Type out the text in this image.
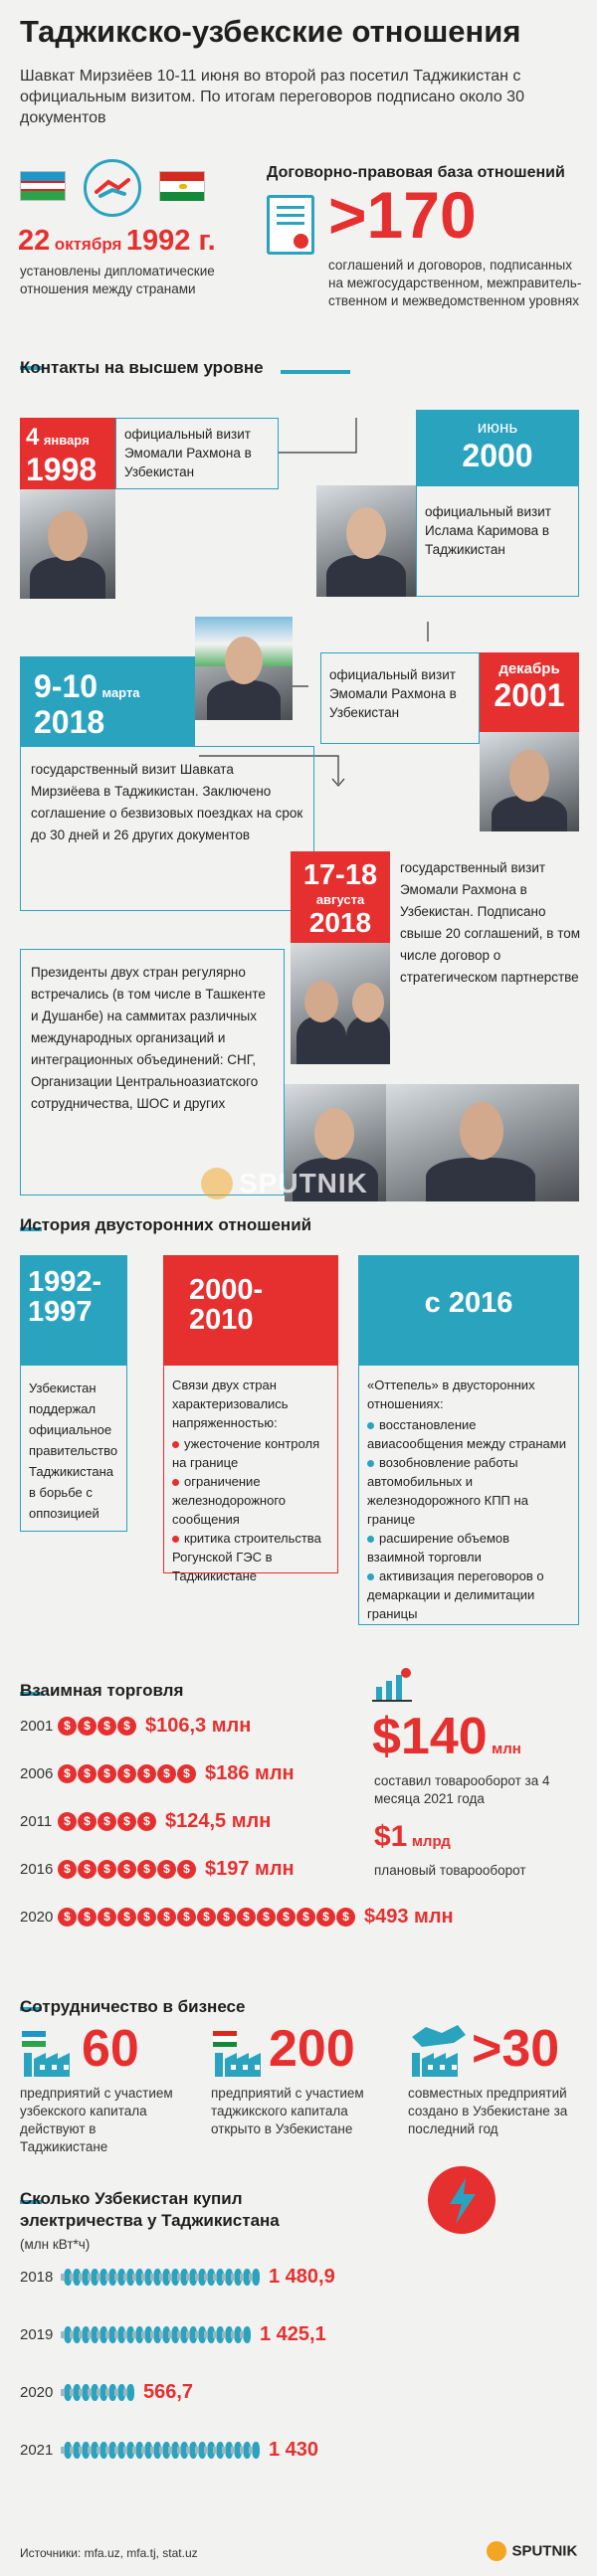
Таджикско-узбекские отношения
Шавкат Мирзиёев 10-11 июня во второй раз посетил Таджикистан с официальным визитом. По итогам переговоров подписано около 30 документов
22 октября 1992 г.
установлены дипломатические отношения между странами
Договорно-правовая база отношений
>170
соглашений и договоров, подписанных на межгосударственном, межправитель-ственном и межведомственном уровнях
Контакты на высшем уровне
4 января
1998
официальный визит Эмомали Рахмона в Узбекистан
июнь
2000
официальный визит Ислама Каримова в Таджикистан
официальный визит Эмомали Рахмона в Узбекистан
декабрь
2001
9-10 марта
2018
государственный визит Шавката Мирзиёева в Таджикистан. Заключено соглашение о безвизовых поездках на срок до 30 дней и 26 других документов
17-18
августа
2018
государственный визит Эмомали Рахмона в Узбекистан. Подписано свыше 20 соглашений, в том числе договор о стратегическом партнерстве
Президенты двух стран регулярно встречались (в том числе в Ташкенте и Душанбе) на саммитах различных международных организаций и интеграционных объединений: СНГ, Организации Центральноазиатского сотрудничества, ШОС и других
SPUTNIK
История двусторонних отношений
1992-1997
Узбекистан поддержал официальное правительство Таджикистана в борьбе с оппозицией
2000-2010
Связи двух стран характеризовались напряженностью:
ужесточение контроля на границе
ограничение железнодорожного сообщения
критика строительства Рогунской ГЭС в Таджикистане
с 2016
«Оттепель» в двусторонних отношениях:
восстановление авиасообщения между странами
возобновление работы автомобильных и железнодорожного КПП на границе
расширение объемов взаимной торговли
активизация переговоров о демаркации и делимитации границы
Взаимная торговля
2001 $	$	$	$ $106,3 млн
2006 $	$	$	$	$	$	$ $186 млн
2011 $	$	$	$	$ $124,5 млн
2016 $	$	$	$	$	$	$ $197 млн
2020 $	$	$	$	$	$	$	$	$	$	$	$	$	$	$ $493 млн
$140 млн
составил товарооборот за 4 месяца 2021 года
$1 млрд
плановый товарооборот
Сотрудничество в бизнесе
60
предприятий с участием узбекского капитала действуют в Таджикистане
200
предприятий с участием таджикского капитала открыто в Узбекистане
>30
совместных предприятий создано в Узбекистане за последний год
Сколько Узбекистан купил
электричества у Таджикистана
(млн кВт*ч)
2018	1 480,9
2019	1 425,1
2020	566,7
2021	1 430
Источники: mfa.uz, mfa.tj, stat.uz	SPUTNIK
